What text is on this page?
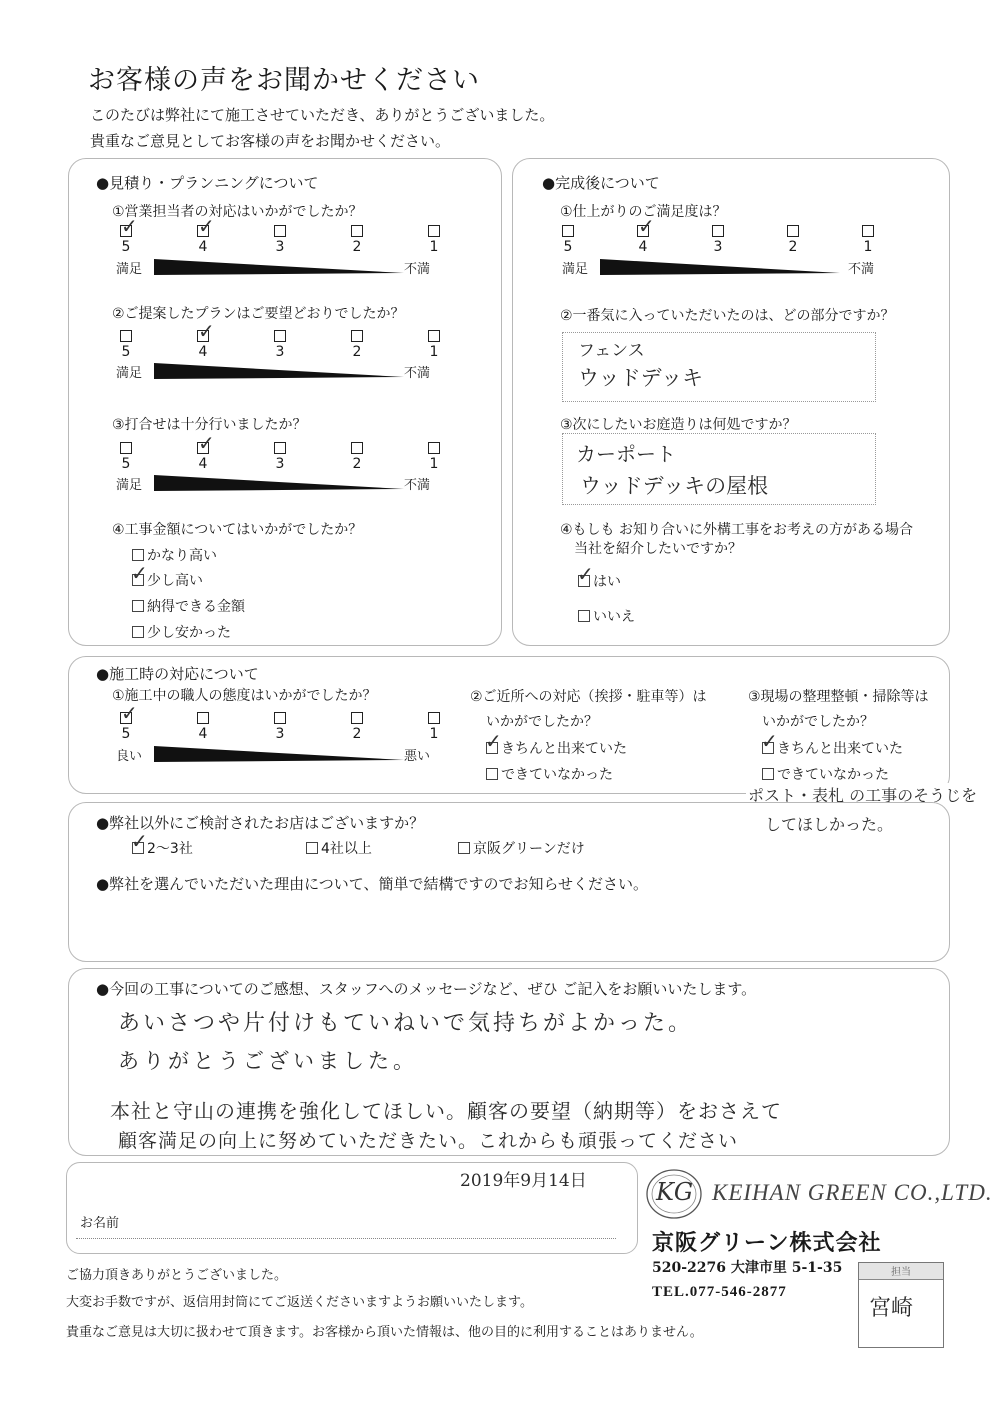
お客様の声をお聞かせください
このたびは弊社にて施工させていただき、ありがとうございました。
貴重なご意見としてお客様の声をお聞かせください。
●見積り・プランニングについて
①営業担当者の対応はいかがでしたか？
✓
5
✓
4	3	2	1
満足	不満
②ご提案したプランはご要望どおりでしたか？
5
✓
4	3	2	1
満足	不満
③打合せは十分行いましたか？
5
✓
4	3	2	1
満足	不満
④工事金額についてはいかがでしたか？
かなり高い
✓ 少し高い
納得できる金額
少し安かった
●完成後について
①仕上がりのご満足度は？
5
✓
4	3	2	1
満足	不満
②一番気に入っていただいたのは、どの部分ですか？
フェンス
ウッドデッキ
③次にしたいお庭造りは何処ですか？
カーポート
ウッドデッキの屋根
④もしも お知り合いに外構工事をお考えの方がある場合
当社を紹介したいですか？
✓ はい
いいえ
●施工時の対応について
①施工中の職人の態度はいかがでしたか？
✓
5	4	3	2	1
良い	悪い
②ご近所への対応（挨拶・駐車等）は
いかがでしたか？
✓ きちんと出来ていた
できていなかった
③現場の整理整頓・掃除等は
いかがでしたか？
✓ きちんと出来ていた
できていなかった
ポスト・表札 の工事のそうじを
してほしかった。
●弊社以外にご検討されたお店はございますか？
✓ 2～3社	4社以上	京阪グリーンだけ
●弊社を選んでいただいた理由について、簡単で結構ですのでお知らせください。
●今回の工事についてのご感想、スタッフへのメッセージなど、ぜひ ご記入をお願いいたします。
あいさつや片付けもていねいで気持ちがよかった。
ありがとうございました。
本社と守山の連携を強化してほしい。顧客の要望（納期等）をおさえて
顧客満足の向上に努めていただきたい。これからも頑張ってください
2019年9月14日
お名前
KG KEIHAN GREEN CO.,LTD.
京阪グリーン株式会社
520-2276 大津市里 5-1-35
TEL.077-546-2877
担当
宮崎
ご協力頂きありがとうございました。
大変お手数ですが、返信用封筒にてご返送くださいますようお願いいたします。
貴重なご意見は大切に扱わせて頂きます。お客様から頂いた情報は、他の目的に利用することはありません。
